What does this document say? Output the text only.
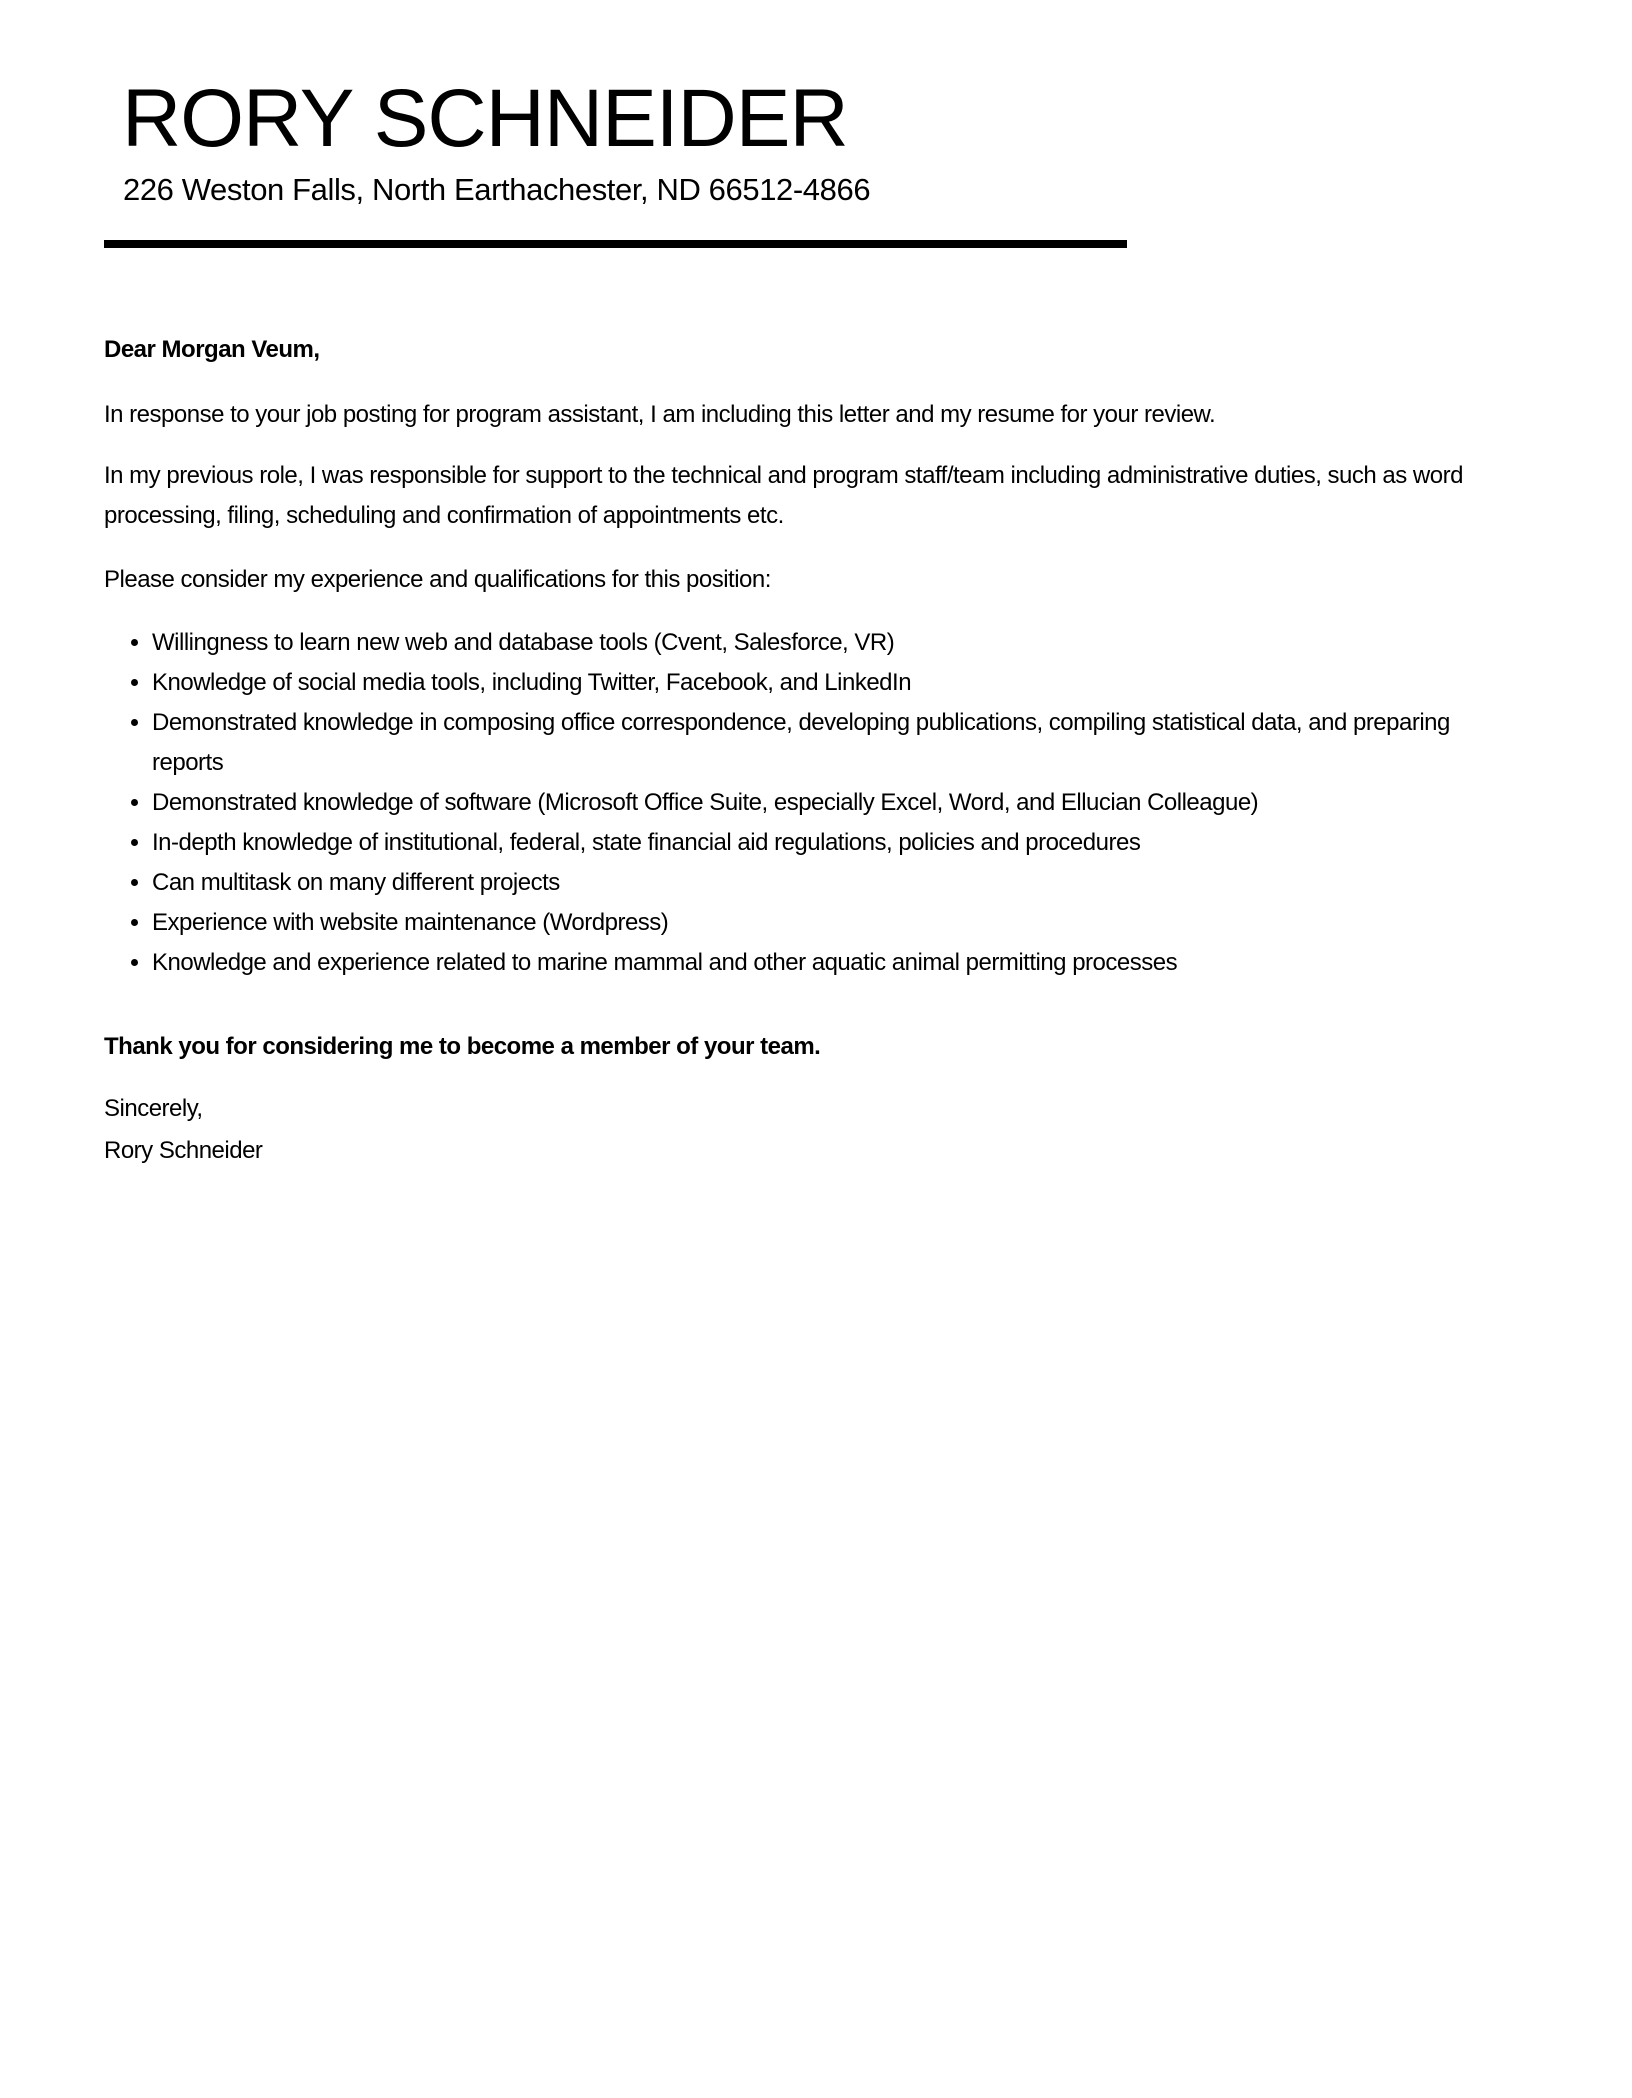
RORY SCHNEIDER
226 Weston Falls, North Earthachester, ND 66512-4866
Dear Morgan Veum,
In response to your job posting for program assistant, I am including this letter and my resume for your review.
In my previous role, I was responsible for support to the technical and program staff/team including administrative duties, such as word processing, filing, scheduling and confirmation of appointments etc.
Please consider my experience and qualifications for this position:
• Willingness to learn new web and database tools (Cvent, Salesforce, VR)
• Knowledge of social media tools, including Twitter, Facebook, and LinkedIn
• Demonstrated knowledge in composing office correspondence, developing publications, compiling statistical data, and preparing reports
• Demonstrated knowledge of software (Microsoft Office Suite, especially Excel, Word, and Ellucian Colleague)
• In-depth knowledge of institutional, federal, state financial aid regulations, policies and procedures
• Can multitask on many different projects
• Experience with website maintenance (Wordpress)
• Knowledge and experience related to marine mammal and other aquatic animal permitting processes
Thank you for considering me to become a member of your team.
Sincerely,
Rory Schneider
